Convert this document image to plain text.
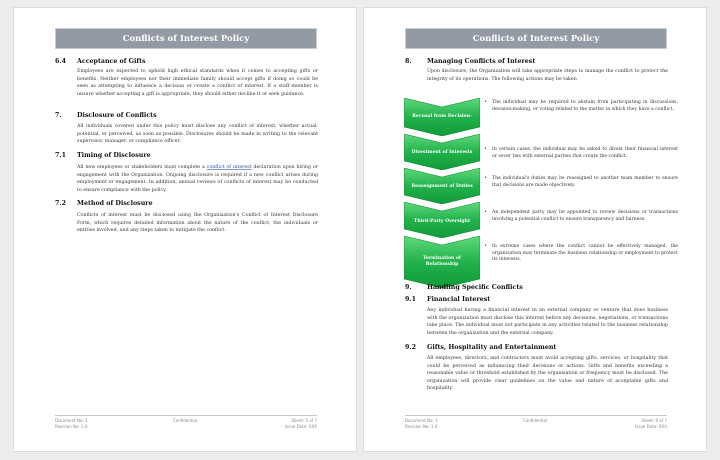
Conflicts of Interest Policy
6.4 Acceptance of Gifts
Employees are expected to uphold high ethical standards when it comes to accepting gifts or benefits. Neither employees nor their immediate family should accept gifts if doing so could be seen as attempting to influence a decision or create a conflict of interest. If a staff member is unsure whether accepting a gift is appropriate, they should either decline it or seek guidance.
7. Disclosure of Conflicts
All individuals covered under this policy must disclose any conflict of interest, whether actual, potential, or perceived, as soon as possible. Disclosures should be made in writing to the relevant supervisor, manager, or compliance officer.
7.1 Timing of Disclosure
All new employees or stakeholders must complete a conflict of interest declaration upon hiring or engagement with the Organization. Ongoing disclosure is required if a new conflict arises during employment or engagement. In addition, annual reviews of conflicts of interest may be conducted to ensure compliance with the policy.
7.2 Method of Disclosure
Conflicts of interest must be disclosed using the Organization's Conflict of Interest Disclosure Form, which requires detailed information about the nature of the conflict, the individuals or entities involved, and any steps taken to mitigate the conflict.
Document No: 1
Revision No: 1.0
Confidential	Sheet: 5 of 7
Issue Date: XXX
Conflicts of Interest Policy
8. Managing Conflicts of Interest
Upon disclosure, the Organization will take appropriate steps to manage the conflict to protect the integrity of its operations. The following actions may be taken
Recusal from Decision-
• The individual may be required to abstain from participating in discussions, decision-making, or voting related to the matter in which they have a conflict.
Divestment of Interests
• In certain cases, the individual may be asked to divest their financial interest or sever ties with external parties that create the conflict.
Reassignment of Duties
• The individual's duties may be reassigned to another team member to ensure that decisions are made objectively.
Third-Party Oversight
• An independent party may be appointed to review decisions or transactions involving a potential conflict to ensure transparency and fairness.
Termination of Relationship
• In extreme cases where the conflict cannot be effectively managed, the organization may terminate the business relationship or employment to protect its interests.
9. Handling Specific Conflicts
9.1 Financial Interest
Any individual having a financial interest in an external company or venture that does business with the organization must disclose this interest before any decisions, negotiations, or transactions take place. The individual must not participate in any activities related to the business relationship between the organization and the external company.
9.2 Gifts, Hospitality and Entertainment
All employees, directors, and contractors must avoid accepting gifts, services, or hospitality that could be perceived as influencing their decisions or actions. Gifts and benefits exceeding a reasonable value or threshold established by the organization or frequency must be disclosed. The organization will provide clear guidelines on the value and nature of acceptable gifts and hospitality.
Document No: 1
Revision No: 1.0
Confidential	Sheet: 6 of 7
Issue Date: XXX
